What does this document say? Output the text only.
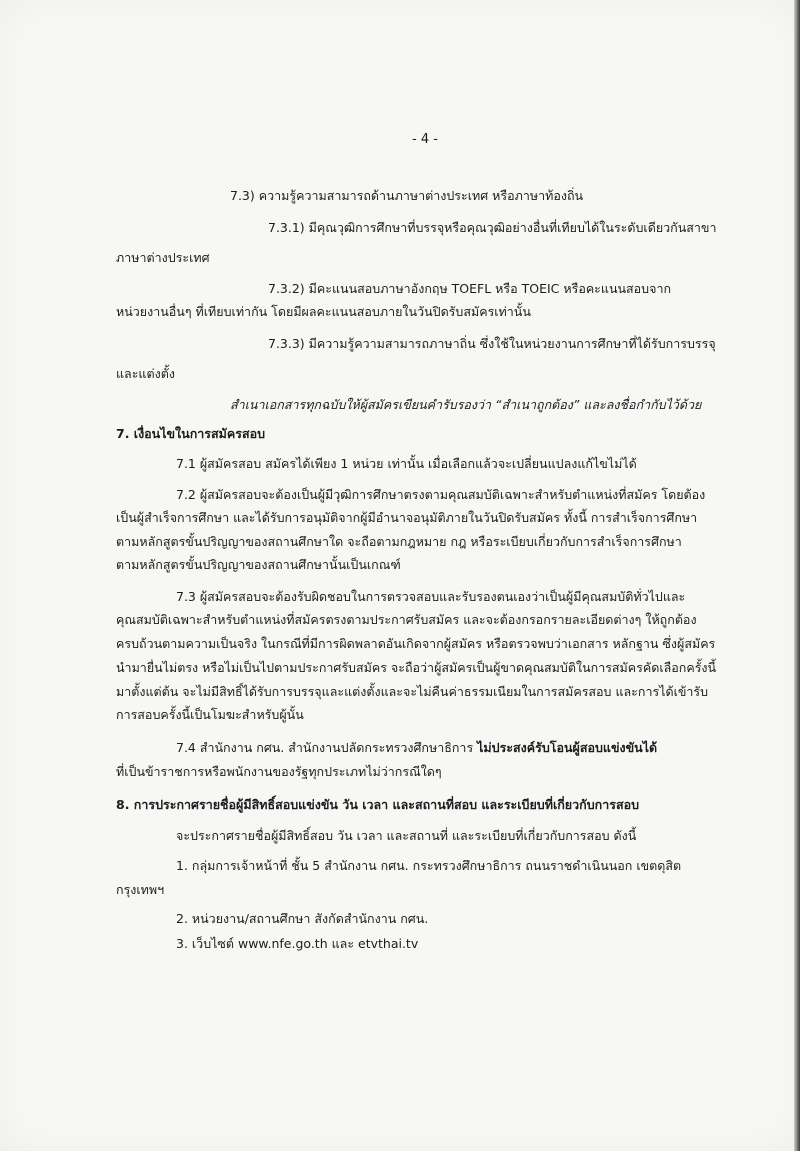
- 4 -
7.3) ความรู้ความสามารถด้านภาษาต่างประเทศ หรือภาษาท้องถิ่น
7.3.1) มีคุณวุฒิการศึกษาที่บรรจุหรือคุณวุฒิอย่างอื่นที่เทียบได้ในระดับเดียวกันสาขา
ภาษาต่างประเทศ
7.3.2) มีคะแนนสอบภาษาอังกฤษ TOEFL หรือ TOEIC หรือคะแนนสอบจาก
หน่วยงานอื่นๆ ที่เทียบเท่ากัน โดยมีผลคะแนนสอบภายในวันปิดรับสมัครเท่านั้น
7.3.3) มีความรู้ความสามารถภาษาถิ่น ซึ่งใช้ในหน่วยงานการศึกษาที่ได้รับการบรรจุ
และแต่งตั้ง
สำเนาเอกสารทุกฉบับให้ผู้สมัครเขียนคำรับรองว่า “สำเนาถูกต้อง” และลงชื่อกำกับไว้ด้วย
7. เงื่อนไขในการสมัครสอบ
7.1 ผู้สมัครสอบ สมัครได้เพียง 1 หน่วย เท่านั้น เมื่อเลือกแล้วจะเปลี่ยนแปลงแก้ไขไม่ได้
7.2 ผู้สมัครสอบจะต้องเป็นผู้มีวุฒิการศึกษาตรงตามคุณสมบัติเฉพาะสำหรับตำแหน่งที่สมัคร โดยต้อง
เป็นผู้สำเร็จการศึกษา และได้รับการอนุมัติจากผู้มีอำนาจอนุมัติภายในวันปิดรับสมัคร ทั้งนี้ การสำเร็จการศึกษา
ตามหลักสูตรขั้นปริญญาของสถานศึกษาใด จะถือตามกฎหมาย กฎ หรือระเบียบเกี่ยวกับการสำเร็จการศึกษา
ตามหลักสูตรขั้นปริญญาของสถานศึกษานั้นเป็นเกณฑ์
7.3 ผู้สมัครสอบจะต้องรับผิดชอบในการตรวจสอบและรับรองตนเองว่าเป็นผู้มีคุณสมบัติทั่วไปและ
คุณสมบัติเฉพาะสำหรับตำแหน่งที่สมัครตรงตามประกาศรับสมัคร และจะต้องกรอกรายละเอียดต่างๆ ให้ถูกต้อง
ครบถ้วนตามความเป็นจริง ในกรณีที่มีการผิดพลาดอันเกิดจากผู้สมัคร หรือตรวจพบว่าเอกสาร หลักฐาน ซึ่งผู้สมัคร
นำมายื่นไม่ตรง หรือไม่เป็นไปตามประกาศรับสมัคร จะถือว่าผู้สมัครเป็นผู้ขาดคุณสมบัติในการสมัครคัดเลือกครั้งนี้
มาตั้งแต่ต้น จะไม่มีสิทธิ์ได้รับการบรรจุและแต่งตั้งและจะไม่คืนค่าธรรมเนียมในการสมัครสอบ และการได้เข้ารับ
การสอบครั้งนี้เป็นโมฆะสำหรับผู้นั้น
7.4 สำนักงาน กศน. สำนักงานปลัดกระทรวงศึกษาธิการ ไม่ประสงค์รับโอนผู้สอบแข่งขันได้
ที่เป็นข้าราชการหรือพนักงานของรัฐทุกประเภทไม่ว่ากรณีใดๆ
8. การประกาศรายชื่อผู้มีสิทธิ์สอบแข่งขัน วัน เวลา และสถานที่สอบ และระเบียบที่เกี่ยวกับการสอบ
จะประกาศรายชื่อผู้มีสิทธิ์สอบ วัน เวลา และสถานที่ และระเบียบที่เกี่ยวกับการสอบ ดังนี้
1. กลุ่มการเจ้าหน้าที่ ชั้น 5 สำนักงาน กศน. กระทรวงศึกษาธิการ ถนนราชดำเนินนอก เขตดุสิต
กรุงเทพฯ
2. หน่วยงาน/สถานศึกษา สังกัดสำนักงาน กศน.
3. เว็บไซต์ www.nfe.go.th และ etvthai.tv
